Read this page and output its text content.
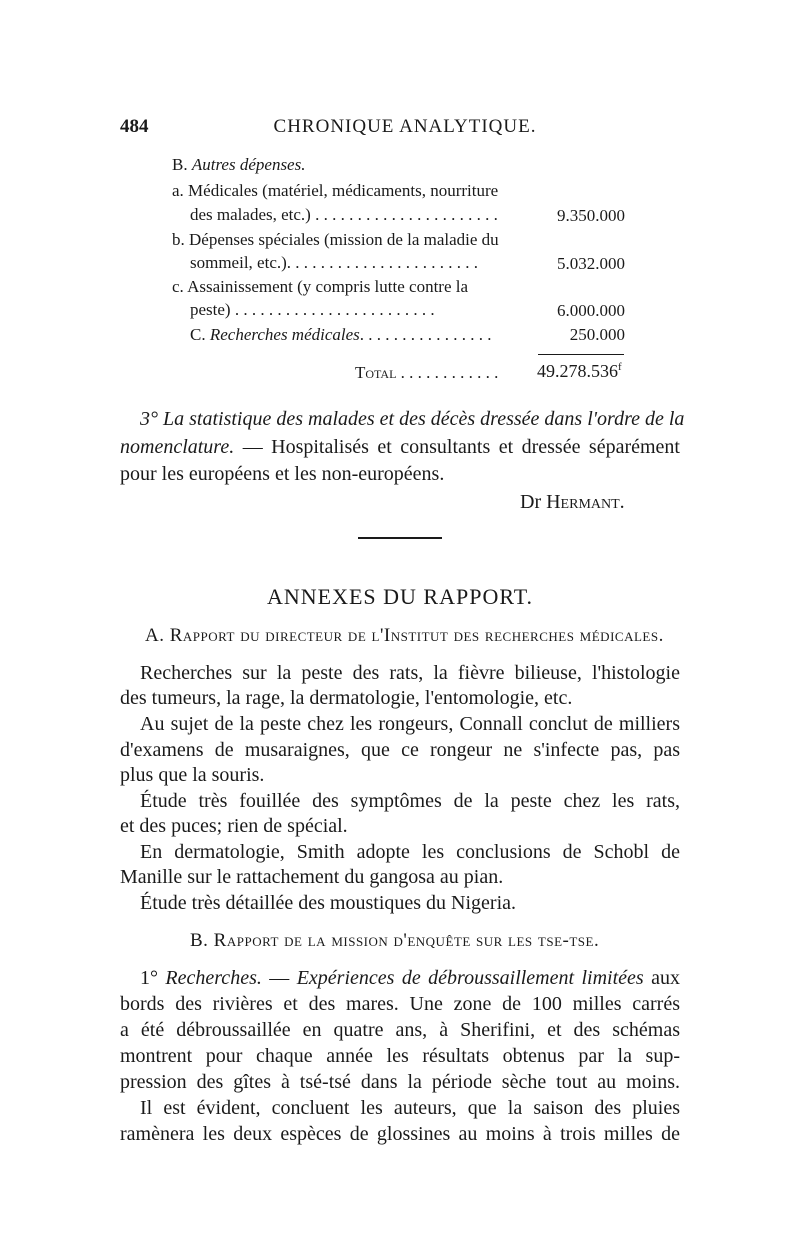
484	CHRONIQUE ANALYTIQUE.
B. Autres dépenses.
a. Médicales (matériel, médicaments, nourriture
des malades, etc.) . . . . . . . . . . . . . . . . . . . . . .	9.350.000
b. Dépenses spéciales (mission de la maladie du
sommeil, etc.). . . . . . . . . . . . . . . . . . . . . . .	5.032.000
c. Assainissement (y compris lutte contre la
peste) . . . . . . . . . . . . . . . . . . . . . . . .	6.000.000
C. Recherches médicales. . . . . . . . . . . . . . . .	250.000
Total . . . . . . . . . . . . 49.278.536$^f$
3° La statistique des malades et des décès dressée dans l'ordre de la
nomenclature. — Hospitalisés et consultants et dressée séparément
pour les européens et les non-européens.
Dr Hermant.
ANNEXES DU RAPPORT.
A. Rapport du directeur de l'Institut des recherches médicales.
Recherches sur la peste des rats, la fièvre bilieuse, l'histologie
des tumeurs, la rage, la dermatologie, l'entomologie, etc.
Au sujet de la peste chez les rongeurs, Connall conclut de milliers
d'examens de musaraignes, que ce rongeur ne s'infecte pas, pas
plus que la souris.
Étude très fouillée des symptômes de la peste chez les rats,
et des puces; rien de spécial.
En dermatologie, Smith adopte les conclusions de Schobl de
Manille sur le rattachement du gangosa au pian.
Étude très détaillée des moustiques du Nigeria.
B. Rapport de la mission d'enquête sur les tse-tse.
1° Recherches. — Expériences de débroussaillement limitées aux
bords des rivières et des mares. Une zone de 100 milles carrés
a été débroussaillée en quatre ans, à Sherifini, et des schémas
montrent pour chaque année les résultats obtenus par la sup-
pression des gîtes à tsé-tsé dans la période sèche tout au moins.
Il est évident, concluent les auteurs, que la saison des pluies
ramènera les deux espèces de glossines au moins à trois milles de
